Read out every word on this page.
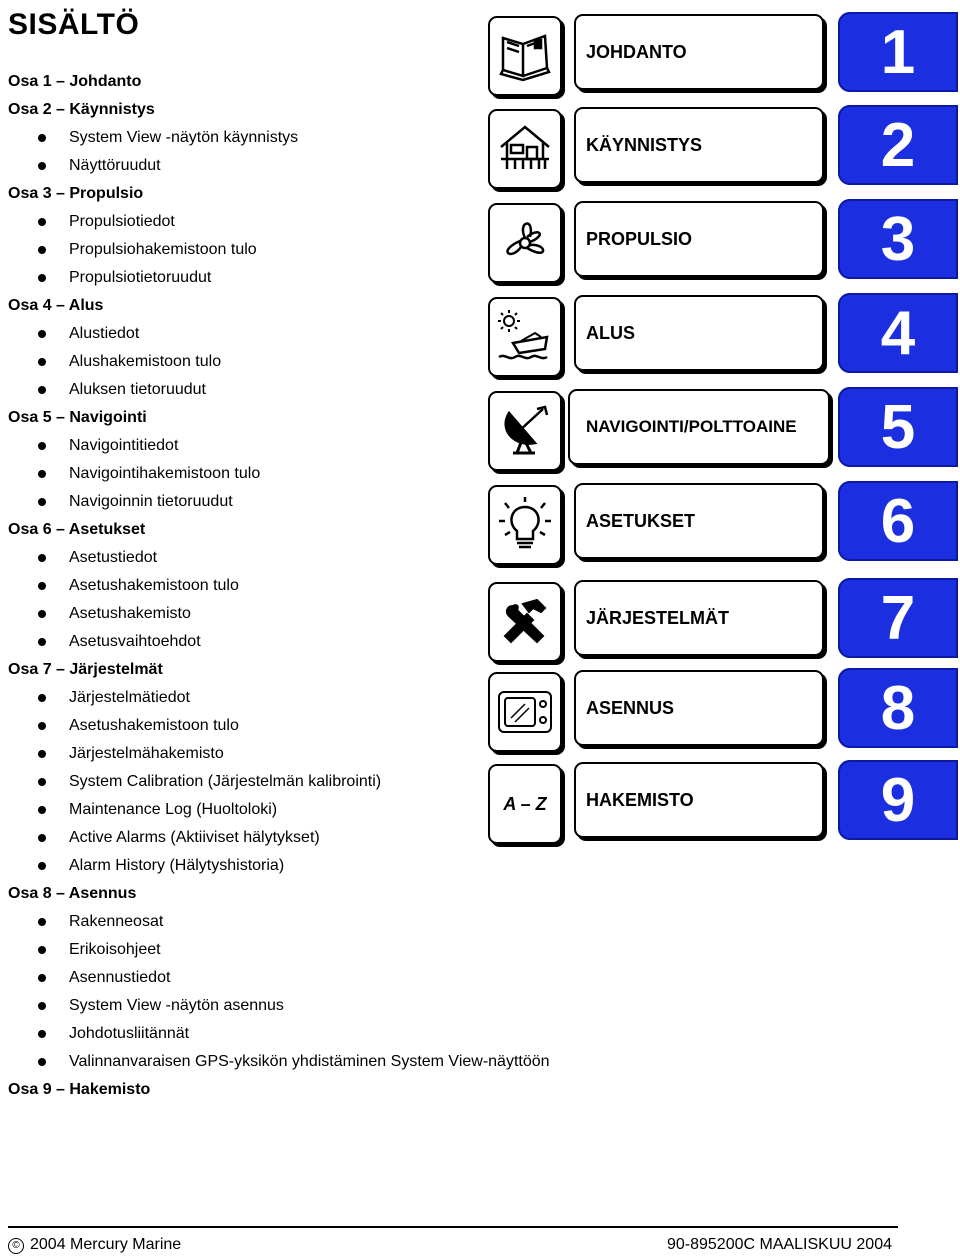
SISÄLTÖ
Osa 1 – Johdanto
Osa 2 – Käynnistys
System View -näytön käynnistys
Näyttöruudut
Osa 3 – Propulsio
Propulsiotiedot
Propulsiohakemistoon tulo
Propulsiotietoruudut
Osa 4 – Alus
Alustiedot
Alushakemistoon tulo
Aluksen tietoruudut
Osa 5 – Navigointi
Navigointitiedot
Navigointihakemistoon tulo
Navigoinnin tietoruudut
Osa 6 – Asetukset
Asetustiedot
Asetushakemistoon tulo
Asetushakemisto
Asetusvaihtoehdot
Osa 7 – Järjestelmät
Järjestelmätiedot
Asetushakemistoon tulo
Järjestelmähakemisto
System Calibration (Järjestelmän kalibrointi)
Maintenance Log (Huoltoloki)
Active Alarms (Aktiiviset hälytykset)
Alarm History (Hälytyshistoria)
Osa 8 – Asennus
Rakenneosat
Erikoisohjeet
Asennustiedot
System View -näytön asennus
Johdotusliitännät
Valinnanvaraisen GPS-yksikön yhdistäminen System View-näyttöön
Osa 9 – Hakemisto
JOHDANTO	1
KÄYNNISTYS	2
PROPULSIO	3
ALUS	4
NAVIGOINTI/POLTTOAINE 5
ASETUKSET	6
JÄRJESTELMÄT 7
ASENNUS	8
A – Z HAKEMISTO	9
© 2004 Mercury Marine	90-895200C MAALISKUU 2004
